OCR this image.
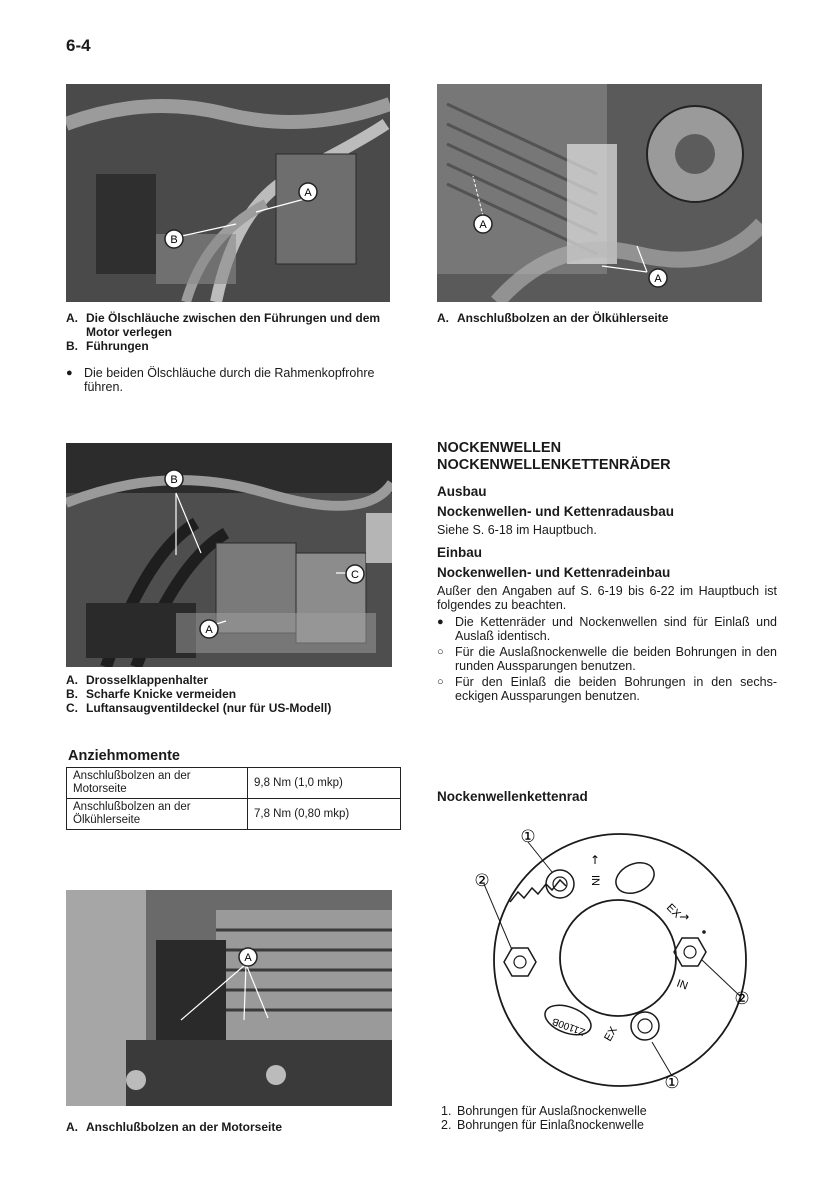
6-4
A
B
A. Die Ölschläuche zwischen den Führungen und dem Motor verlegen
B. Führungen
● Die beiden Ölschläuche durch die Rahmenkopfrohre führen.
A
A
A. Anschlußbolzen an der Ölkühlerseite
B
C
A
A. Drosselklappenhalter
B. Scharfe Knicke vermeiden
C. Luftansaugventildeckel (nur für US-Modell)
NOCKENWELLEN
NOCKENWELLENKETTENRÄDER
Ausbau
Nockenwellen- und Kettenradausbau
Siehe S. 6-18 im Hauptbuch.
Einbau
Nockenwellen- und Kettenradeinbau
Außer den Angaben auf S. 6-19 bis 6-22 im Hauptbuch ist folgendes zu beachten.
● Die Kettenräder und Nockenwellen sind für Einlaß und Auslaß identisch.
○ Für die Auslaßnockenwelle die beiden Bohrungen in den runden Aussparungen benutzen.
○ Für den Einlaß die beiden Bohrungen in den sechs-eckigen Aussparungen benutzen.
Anziehmomente
Anschlußbolzen an der Motorseite	9,8 Nm (1,0 mkp)
Anschlußbolzen an der Ölkühlerseite	7,8 Nm (0,80 mkp)
A
A. Anschlußbolzen an der Motorseite
Nockenwellenkettenrad
IN
↑
EX
↗
IN
EX
Z1100B
①
②
②
①
1. Bohrungen für Auslaßnockenwelle
2. Bohrungen für Einlaßnockenwelle
